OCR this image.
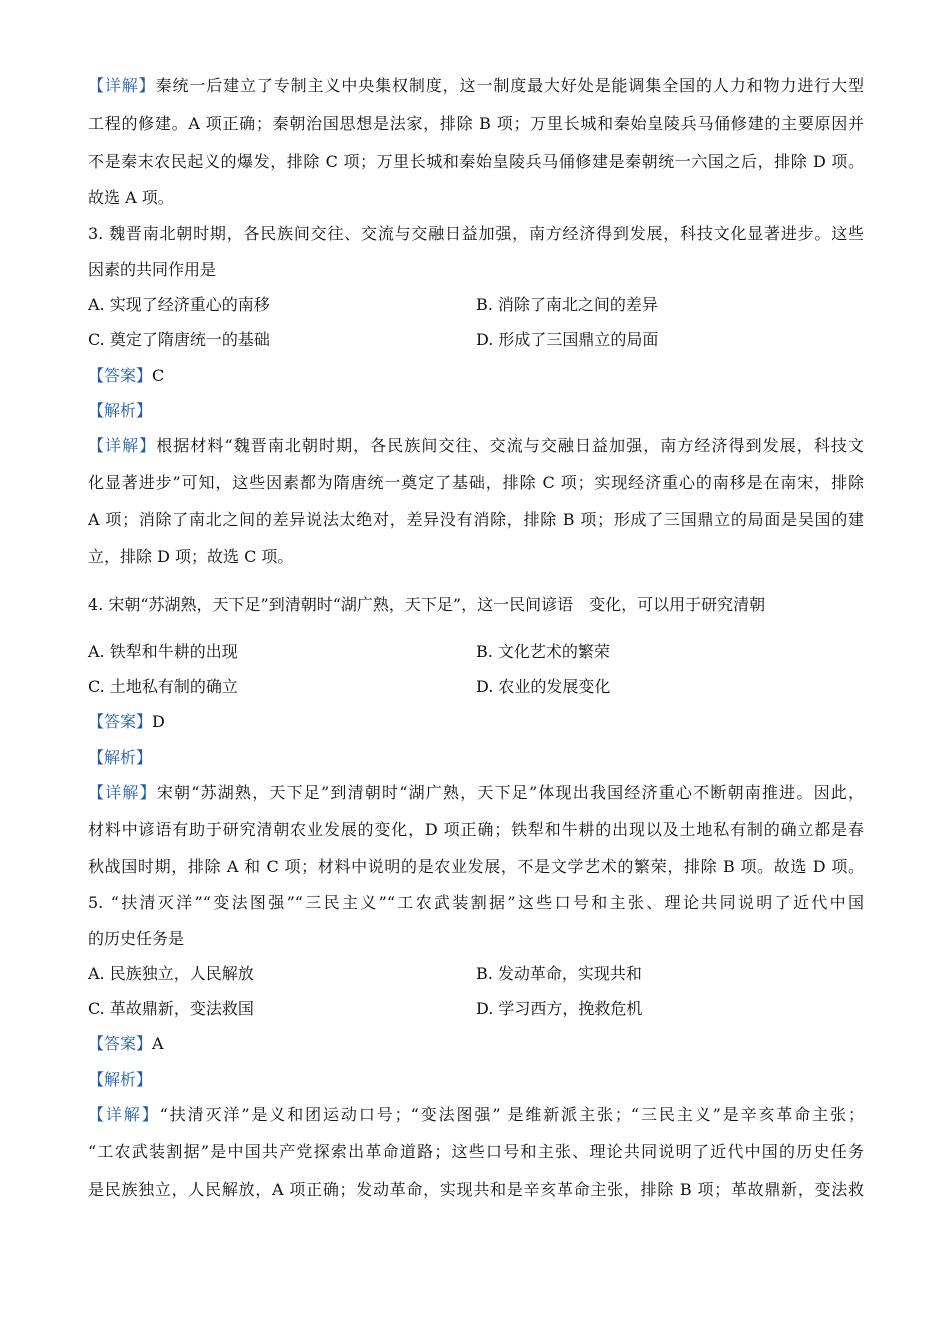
【详解】秦统一后建立了专制主义中央集权制度，这一制度最大好处是能调集全国的人力和物力进行大型
工程的修建。A 项正确；秦朝治国思想是法家，排除 B 项；万里长城和秦始皇陵兵马俑修建的主要原因并
不是秦末农民起义的爆发，排除 C 项；万里长城和秦始皇陵兵马俑修建是秦朝统一六国之后，排除 D 项。
故选 A 项。
3. 魏晋南北朝时期，各民族间交往、交流与交融日益加强，南方经济得到发展，科技文化显著进步。这些
因素的共同作用是
A. 实现了经济重心的南移	B. 消除了南北之间的差异
C. 奠定了隋唐统一的基础	D. 形成了三国鼎立的局面
【答案】C
【解析】
【详解】根据材料“魏晋南北朝时期，各民族间交往、交流与交融日益加强，南方经济得到发展，科技文
化显著进步”可知，这些因素都为隋唐统一奠定了基础，排除 C 项；实现经济重心的南移是在南宋，排除
A 项；消除了南北之间的差异说法太绝对，差异没有消除，排除 B 项；形成了三国鼎立的局面是吴国的建
立，排除 D 项；故选 C 项。
4. 宋朝“苏湖熟，天下足”到清朝时“湖广熟，天下足”，这一民间谚语　变化，可以用于研究清朝
A. 铁犁和牛耕的出现	B. 文化艺术的繁荣
C. 土地私有制的确立	D. 农业的发展变化
【答案】D
【解析】
【详解】宋朝“苏湖熟，天下足”到清朝时“湖广熟，天下足”体现出我国经济重心不断朝南推进。因此，
材料中谚语有助于研究清朝农业发展的变化，D 项正确；铁犁和牛耕的出现以及土地私有制的确立都是春
秋战国时期，排除 A 和 C 项；材料中说明的是农业发展，不是文学艺术的繁荣，排除 B 项。故选 D 项。
5. “扶清灭洋”“变法图强”“三民主义”“工农武装割据”这些口号和主张、理论共同说明了近代中国
的历史任务是
A. 民族独立，人民解放	B. 发动革命，实现共和
C. 革故鼎新，变法救国	D. 学习西方，挽救危机
【答案】A
【解析】
【详解】“扶清灭洋”是义和团运动口号；“变法图强” 是维新派主张；“三民主义”是辛亥革命主张；
“工农武装割据”是中国共产党探索出革命道路；这些口号和主张、理论共同说明了近代中国的历史任务
是民族独立，人民解放，A 项正确；发动革命，实现共和是辛亥革命主张，排除 B 项；革故鼎新，变法救
